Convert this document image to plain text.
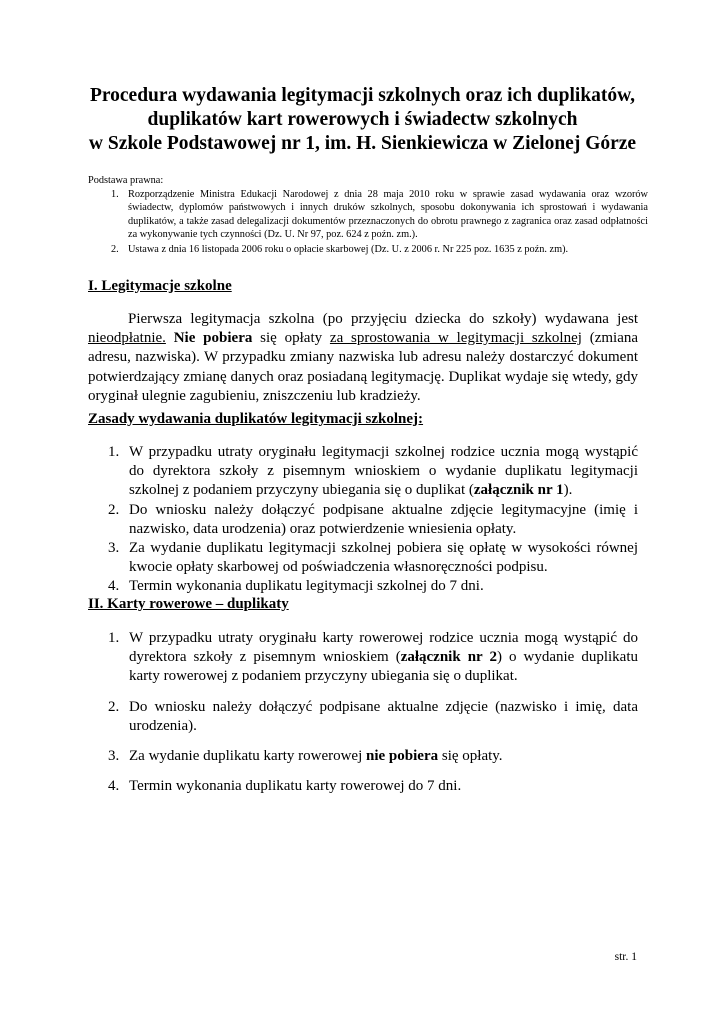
Procedura wydawania legitymacji szkolnych oraz ich duplikatów,
duplikatów kart rowerowych i świadectw szkolnych
w Szkole Podstawowej nr 1, im. H. Sienkiewicza w Zielonej Górze

Podstawa prawna:

1. Rozporządzenie Ministra Edukacji Narodowej z dnia 28 maja 2010 roku w sprawie zasad wydawania oraz wzorów świadectw, dyplomów państwowych i innych druków szkolnych, sposobu dokonywania ich sprostowań i wydawania duplikatów, a także zasad delegalizacji dokumentów przeznaczonych do obrotu prawnego z zagranica oraz zasad odpłatności za wykonywanie tych czynności (Dz. U. Nr 97, poz. 624 z poźn. zm.).
2. Ustawa z dnia 16 listopada 2006 roku o opłacie skarbowej (Dz. U. z 2006 r. Nr 225 poz. 1635 z poźn. zm).

I. Legitymacje szkolne

Pierwsza legitymacja szkolna (po przyjęciu dziecka do szkoły) wydawana jest nieodpłatnie. Nie pobiera się opłaty za sprostowania w legitymacji szkolnej (zmiana adresu, nazwiska). W przypadku zmiany nazwiska lub adresu należy dostarczyć dokument potwierdzający zmianę danych oraz posiadaną legitymację. Duplikat wydaje się wtedy, gdy oryginał ulegnie zagubieniu, zniszczeniu lub kradzieży.

Zasady wydawania duplikatów legitymacji szkolnej:

1. W przypadku utraty oryginału legitymacji szkolnej rodzice ucznia mogą wystąpić do dyrektora szkoły z pisemnym wnioskiem o wydanie duplikatu legitymacji szkolnej z podaniem przyczyny ubiegania się o duplikat (załącznik nr 1).
2. Do wniosku należy dołączyć podpisane aktualne zdjęcie legitymacyjne (imię i nazwisko, data urodzenia) oraz potwierdzenie wniesienia opłaty.
3. Za wydanie duplikatu legitymacji szkolnej pobiera się opłatę w wysokości równej kwocie opłaty skarbowej od poświadczenia własnoręczności podpisu.
4. Termin wykonania duplikatu legitymacji szkolnej do 7 dni.

II. Karty rowerowe – duplikaty

1. W przypadku utraty oryginału karty rowerowej rodzice ucznia mogą wystąpić do dyrektora szkoły z pisemnym wnioskiem (załącznik nr 2) o wydanie duplikatu karty rowerowej z podaniem przyczyny ubiegania się o duplikat.
2. Do wniosku należy dołączyć podpisane aktualne zdjęcie (nazwisko i imię, data urodzenia).
3. Za wydanie duplikatu karty rowerowej nie pobiera się opłaty.
4. Termin wykonania duplikatu karty rowerowej do 7 dni.
str. 1
